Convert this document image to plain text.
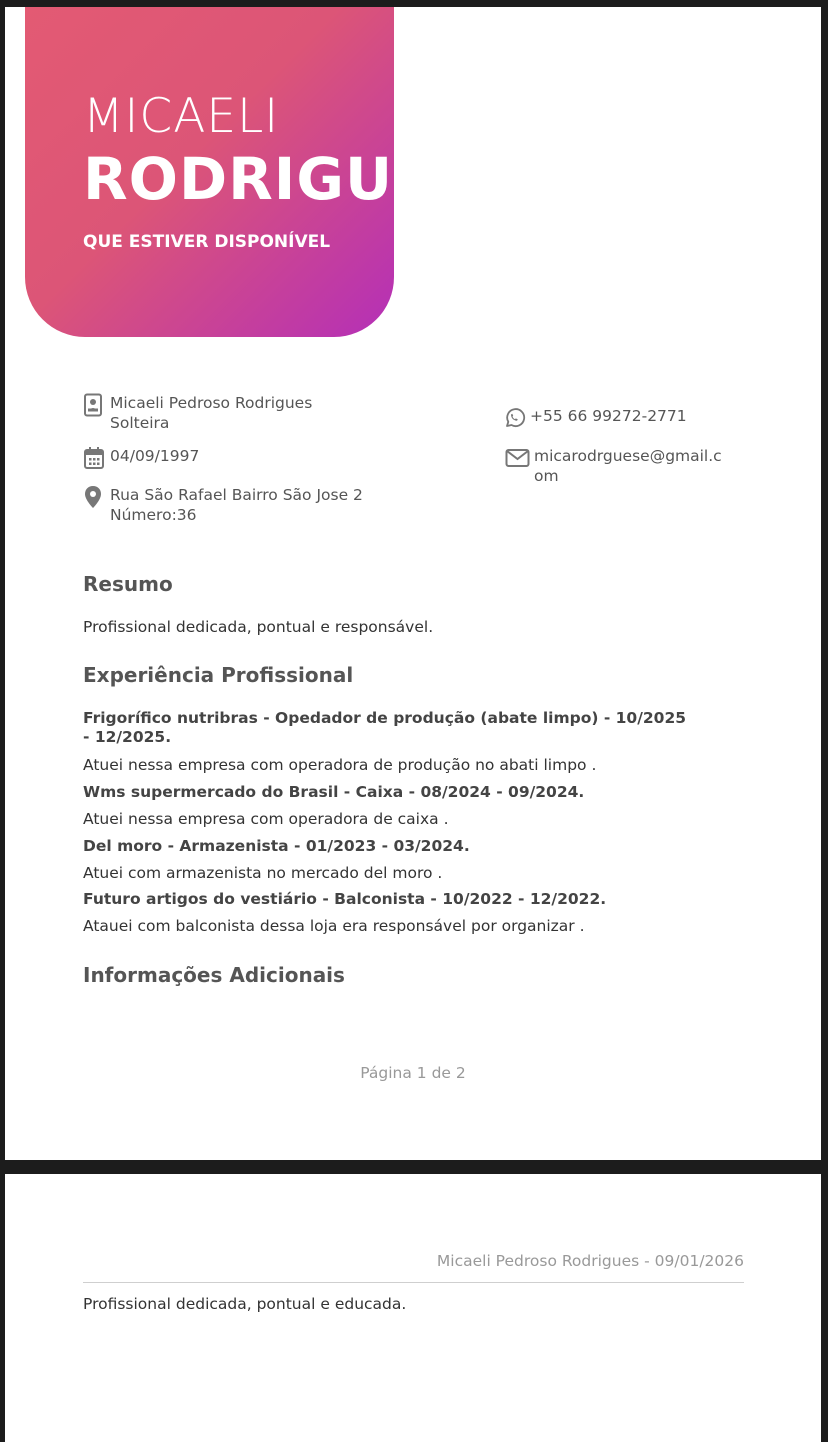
MICAELI
RODRIGUES
QUE ESTIVER DISPONÍVEL
Micaeli Pedroso Rodrigues
Solteira
04/09/1997
Rua São Rafael Bairro São Jose 2
Número:36
+55 66 99272-2771
micarodrguese@gmail.c
om
Resumo
Profissional dedicada, pontual e responsável.
Experiência Profissional
Frigorífico nutribras - Opedador de produção (abate limpo) - 10/2025 - 12/2025.
Atuei nessa empresa com operadora de produção no abati limpo .
Wms supermercado do Brasil - Caixa - 08/2024 - 09/2024.
Atuei nessa empresa com operadora de caixa .
Del moro - Armazenista - 01/2023 - 03/2024.
Atuei com armazenista no mercado del moro .
Futuro artigos do vestiário - Balconista - 10/2022 - 12/2022.
Atauei com balconista dessa loja era responsável por organizar .
Informações Adicionais
Página 1 de 2
Micaeli Pedroso Rodrigues - 09/01/2026
Profissional dedicada, pontual e educada.
